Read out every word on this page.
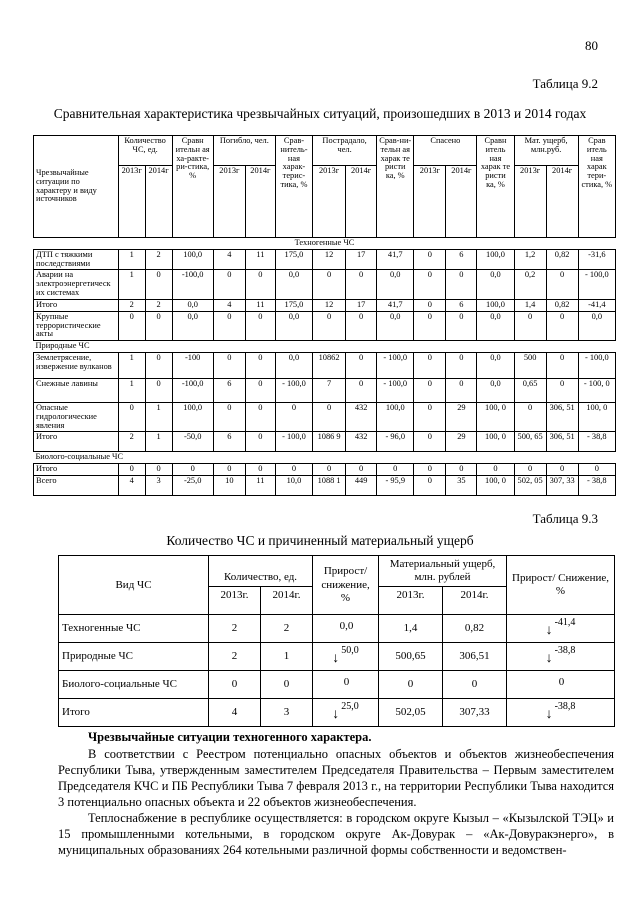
80
Таблица 9.2
Сравнительная характеристика чрезвычайных ситуаций, произошедших в 2013 и 2014 годах
Чрезвычайные ситуации по характеру и виду источников	Количество ЧС, ед.		Сравн ительн ая ха-ракте-ри-стика, %	Погибло, чел.		Срав-нитель-ная харак-терис-тика, %	Пострадало, чел.		Срав-ни-тельн ая харак те ристи ка, %	Спасено		Сравн итель ная харак те ристи ка, %	Мат. ущерб, млн.руб.		Срав итель ная харак тери-стика, %
	2013г	2014г		2013г	2014г		2013г	2014г		2013г	2014г		2013г	2014г	
Техногенные ЧС															
ДТП с тяжкими последствиями	1	2	100,0	4	11	175,0	12	17	41,7	0	6	100,0	1,2	0,82	-31,6
Аварии на электроэнергетическ их системах	1	0	-100,0	0	0	0,0	0	0	0,0	0	0	0,0	0,2	0	- 100,0
Итого	2	2	0,0	4	11	175,0	12	17	41,7	0	6	100,0	1,4	0,82	-41,4
Крупные террористические акты	0	0	0,0	0	0	0,0	0	0	0,0	0	0	0,0	0	0	0,0
Природные ЧС															
Землетрясение, извержение вулканов	1	0	-100	0	0	0,0	10862	0	- 100,0	0	0	0,0	500	0	- 100,0
Снежные лавины	1	0	-100,0	6	0	- 100,0	7	0	- 100,0	0	0	0,0	0,65	0	- 100, 0
Опасные гидрологические явления	0	1	100,0	0	0	0	0	432	100,0	0	29	100, 0	0	306, 51	100, 0
Итого	2	1	-50,0	6	0	- 100,0	1086 9	432	- 96,0	0	29	100, 0	500, 65	306, 51	- 38,8
Биолого-социальные ЧС															
Итого	0	0	0	0	0	0	0	0	0	0	0	0	0	0	0
Всего	4	3	-25,0	10	11	10,0	1088 1	449	- 95,9	0	35	100, 0	502, 05	307, 33	- 38,8
Таблица 9.3
Количество ЧС и причиненный материальный ущерб
Вид ЧС	Количество, ед.		Прирост/ снижение, %	Материальный ущерб, млн. рублей		Прирост/ Снижение, %
	2013г.	2014г.		2013г.	2014г.	
Техногенные ЧС	2	2	0,0	1,4	0,82	↓-41,4
Природные ЧС	2	1	↓50,0	500,65	306,51	↓-38,8
Биолого-социальные ЧС	0	0	0	0	0	0
Итого	4	3	↓25,0	502,05	307,33	↓-38,8

Чрезвычайные ситуации техногенного характера.

В соответствии с Реестром потенциально опасных объектов и объектов жизнеобеспечения Республики Тыва, утвержденным заместителем Председателя Правительства – Первым заместителем Председателя КЧС и ПБ Республики Тыва 7 февраля 2013 г., на территории Республики Тыва находится 3 потенциально опасных объекта и 22 объектов жизнеобеспечения.

Теплоснабжение в республике осуществляется: в городском округе Кызыл – «Кызылской ТЭЦ» и 15 промышленными котельными, в городском округе Ак-Довурак – «Ак-Довуракэнерго», в муниципальных образованиях 264 котельными различной формы собственности и ведомствен-
